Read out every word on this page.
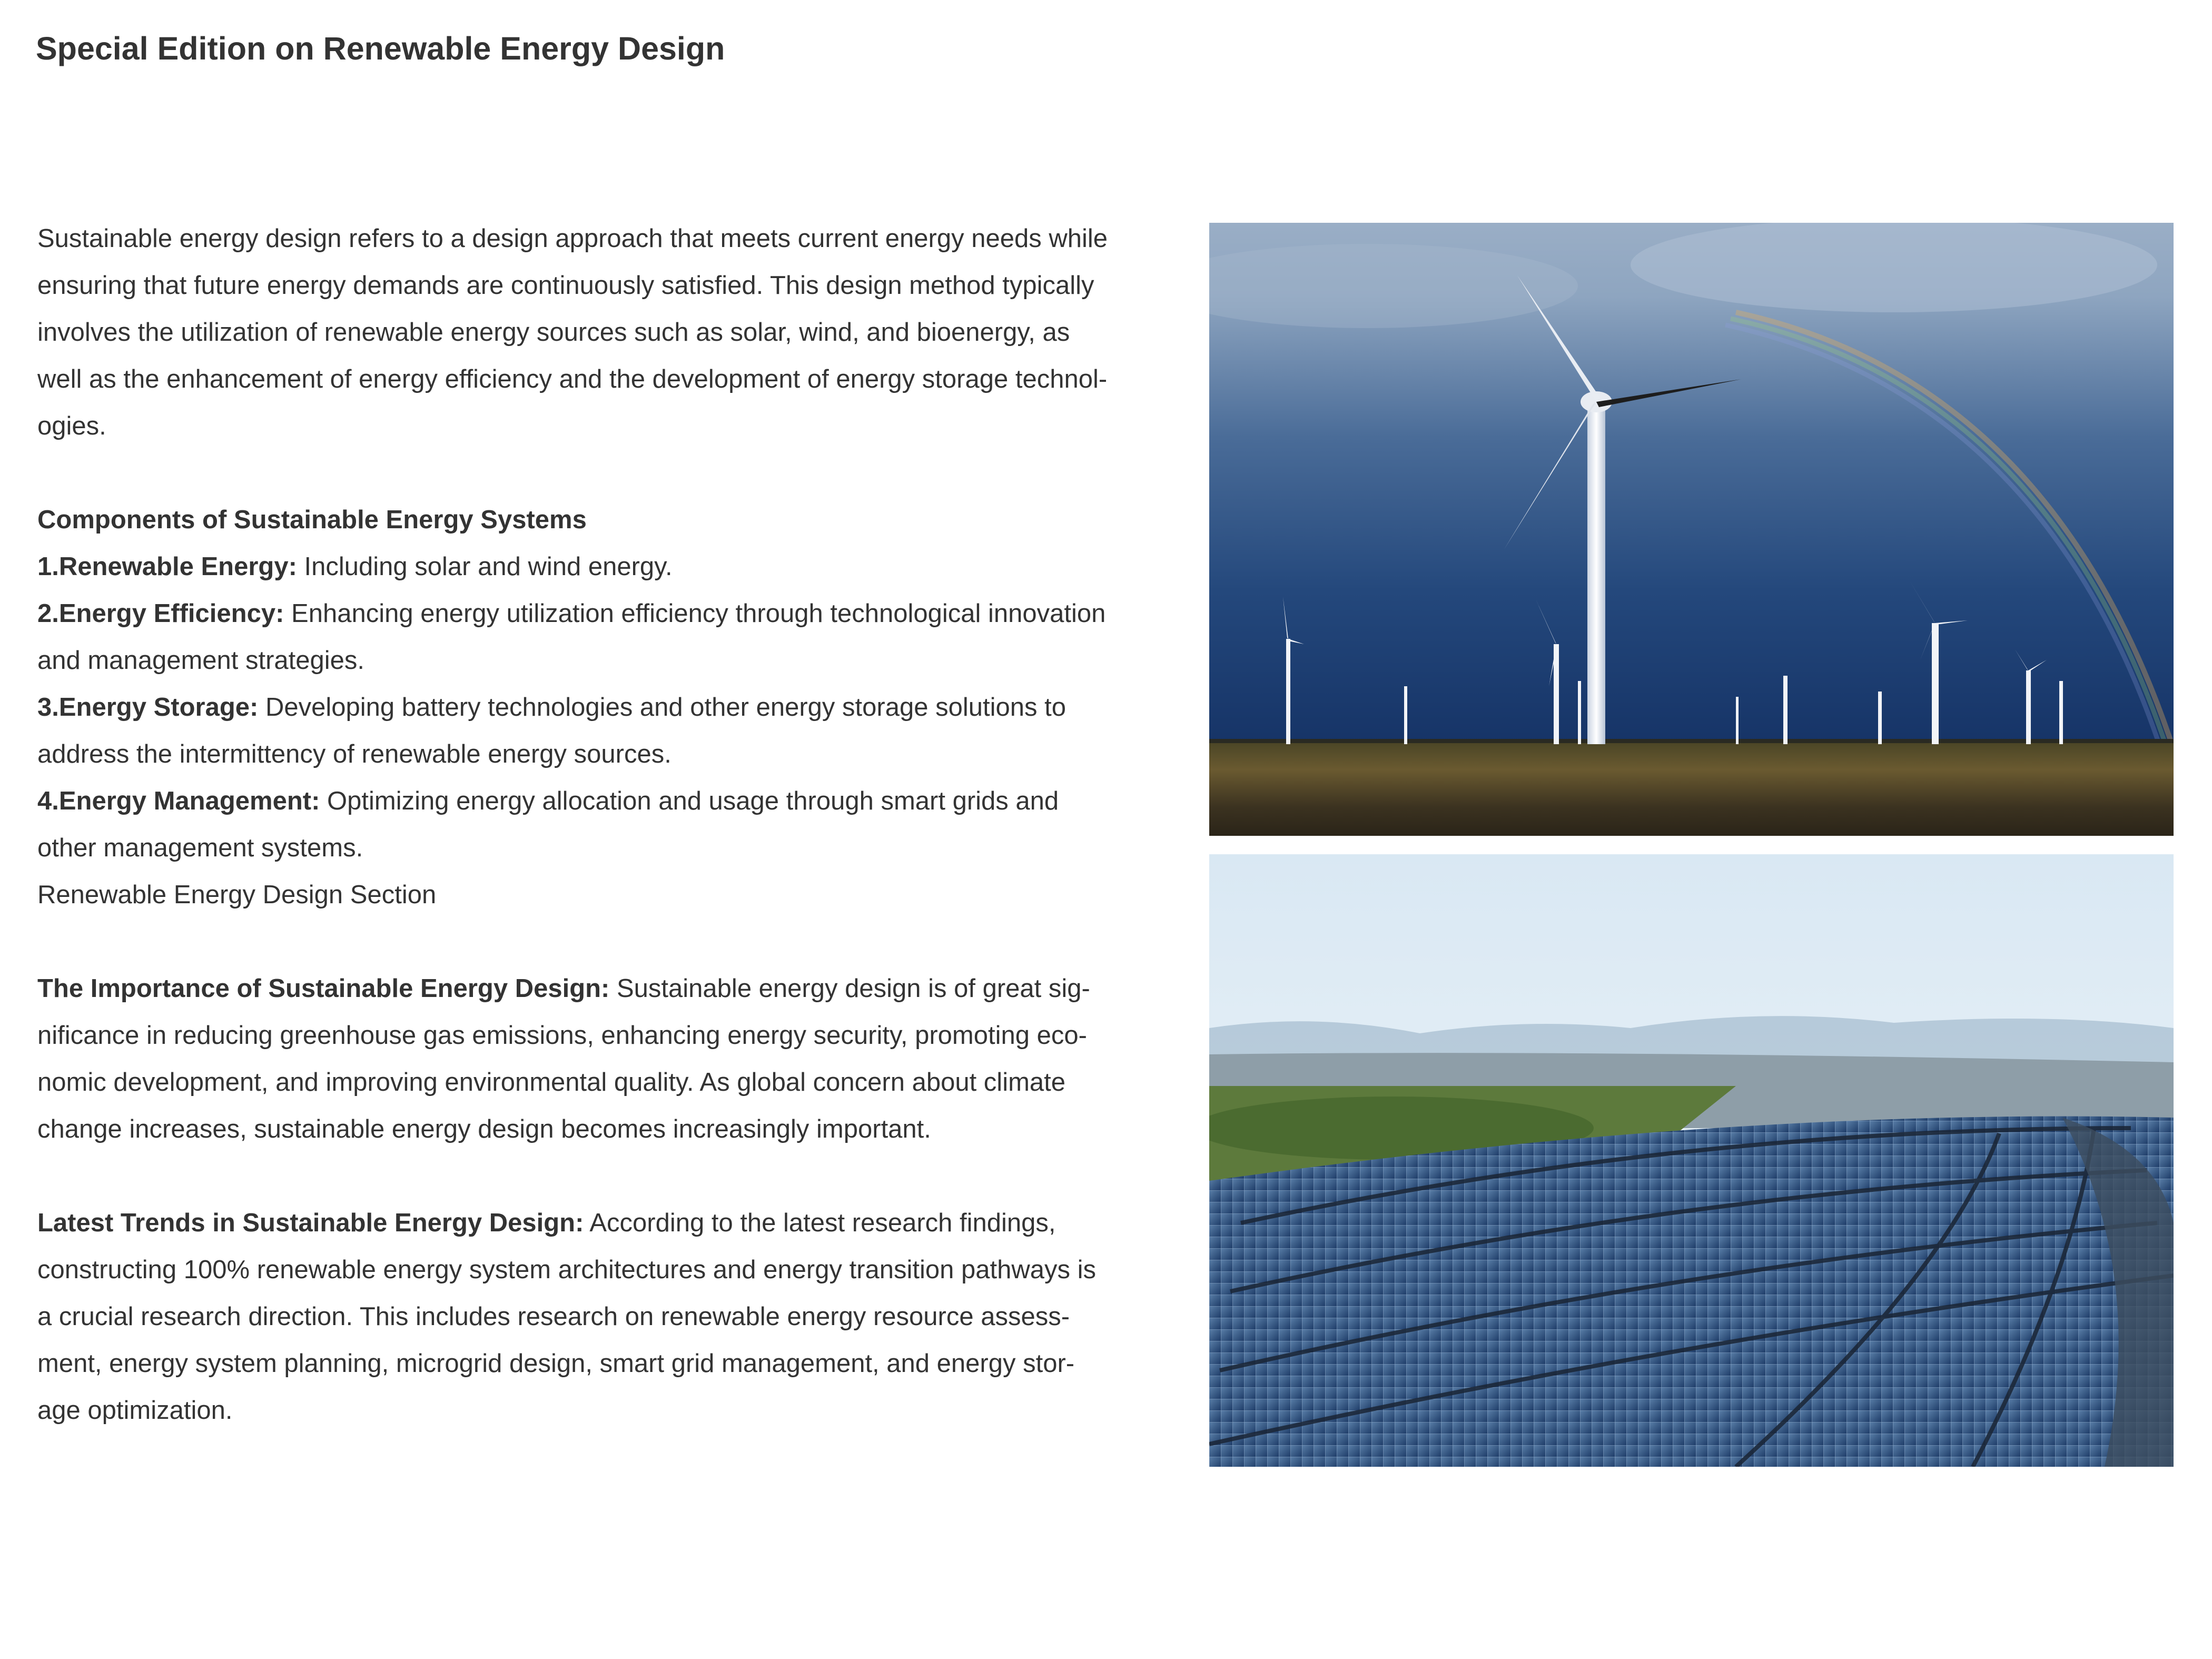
Special Edition on Renewable Energy Design

Sustainable energy design refers to a design approach that meets current energy needs while ensuring that future energy demands are continuously satisfied. This design method typically involves the utilization of renewable energy sources such as solar, wind, and bioenergy, as well as the enhancement of energy efficiency and the development of energy storage technol-ogies.

Components of Sustainable Energy Systems

1.Renewable Energy: Including solar and wind energy.

2.Energy Efficiency: Enhancing energy utilization efficiency through technological innovation and management strategies.

3.Energy Storage: Developing battery technologies and other energy storage solutions to address the intermittency of renewable energy sources.

4.Energy Management: Optimizing energy allocation and usage through smart grids and other management systems.

Renewable Energy Design Section

The Importance of Sustainable Energy Design: Sustainable energy design is of great sig-nificance in reducing greenhouse gas emissions, enhancing energy security, promoting eco-nomic development, and improving environmental quality. As global concern about climate change increases, sustainable energy design becomes increasingly important.

Latest Trends in Sustainable Energy Design: According to the latest research findings, constructing 100% renewable energy system architectures and energy transition pathways is a crucial research direction. This includes research on renewable energy resource assess-ment, energy system planning, microgrid design, smart grid management, and energy stor-age optimization.
